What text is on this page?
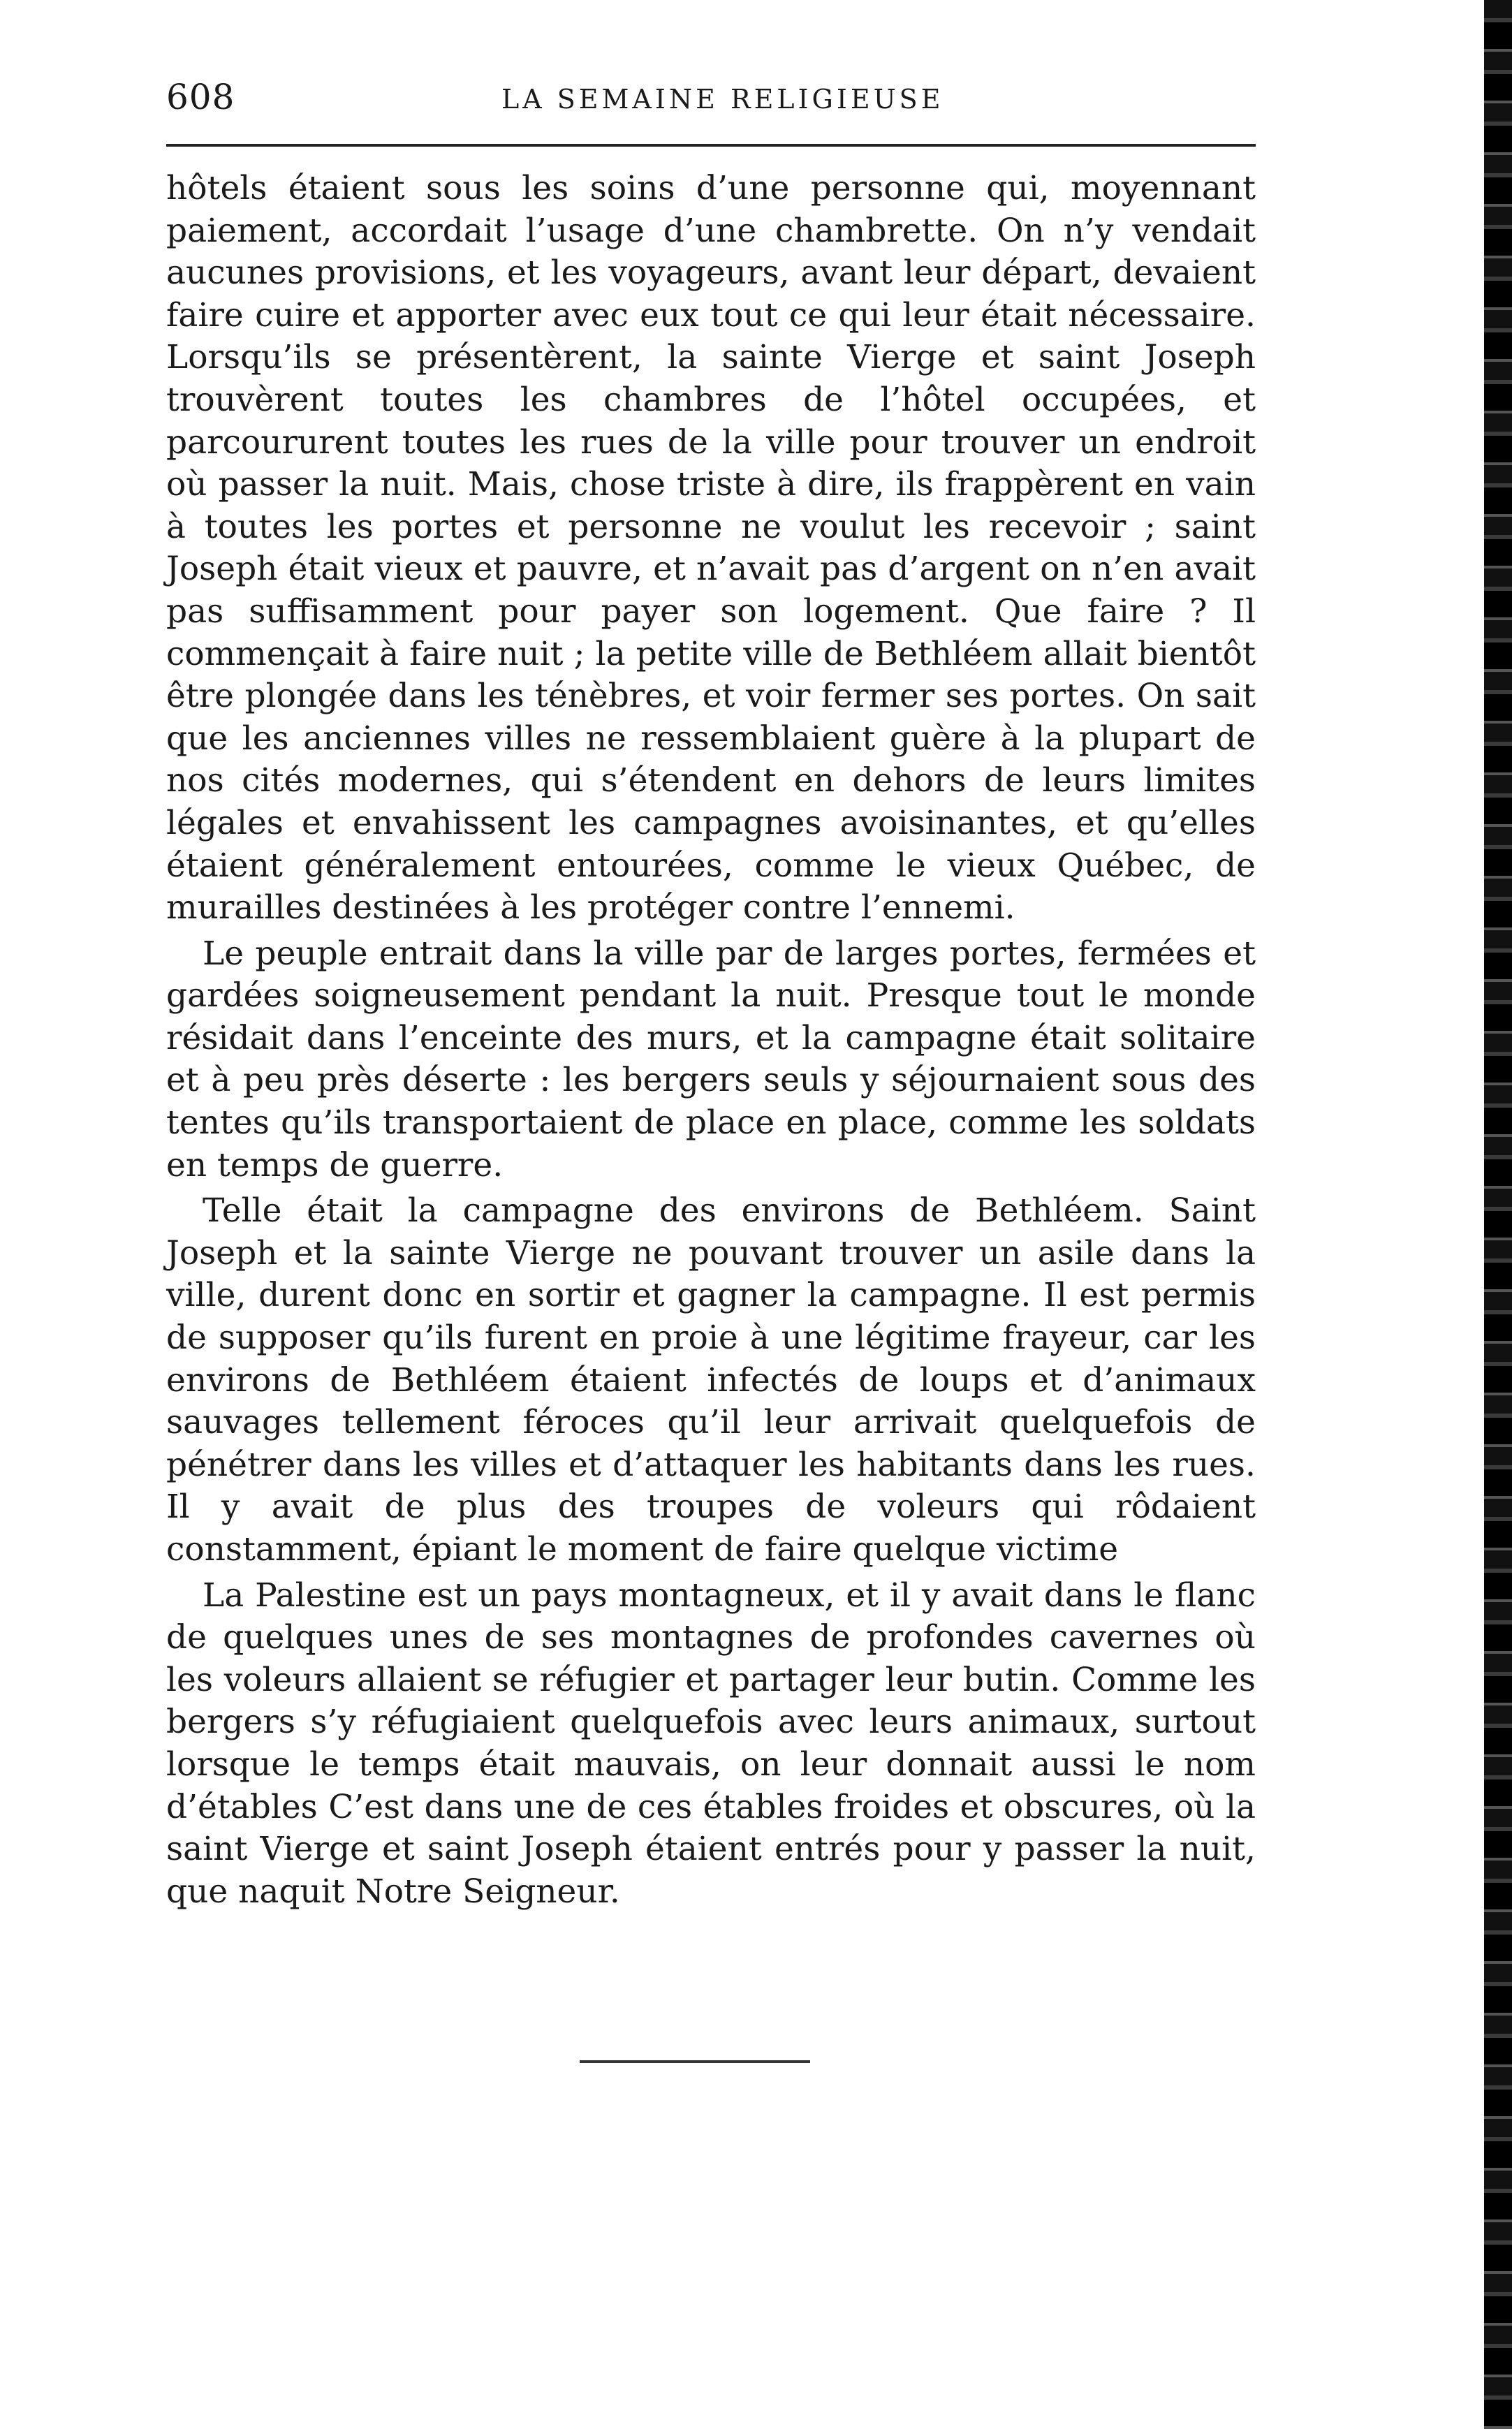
608	LA SEMAINE RELIGIEUSE

hôtels étaient sous les soins d’une personne qui, moyennant paiement, accordait l’usage d’une chambrette. On n’y vendait aucunes provisions, et les voyageurs, avant leur départ, devaient faire cuire et apporter avec eux tout ce qui leur était nécessaire. Lorsqu’ils se présentèrent, la sainte Vierge et saint Joseph trouvèrent toutes les chambres de l’hôtel occupées, et parcoururent toutes les rues de la ville pour trouver un endroit où passer la nuit. Mais, chose triste à dire, ils frappèrent en vain à toutes les portes et personne ne voulut les recevoir ; saint Joseph était vieux et pauvre, et n’avait pas d’argent on n’en avait pas suffisamment pour payer son logement. Que faire ? Il commençait à faire nuit ; la petite ville de Bethléem allait bientôt être plongée dans les ténèbres, et voir fermer ses portes. On sait que les anciennes villes ne ressemblaient guère à la plupart de nos cités modernes, qui s’étendent en dehors de leurs limites légales et envahissent les campagnes avoisinantes, et qu’elles étaient généralement entourées, comme le vieux Québec, de murailles destinées à les protéger contre l’ennemi.

Le peuple entrait dans la ville par de larges portes, fermées et gardées soigneusement pendant la nuit. Presque tout le monde résidait dans l’enceinte des murs, et la campagne était solitaire et à peu près déserte : les bergers seuls y séjournaient sous des tentes qu’ils transportaient de place en place, comme les soldats en temps de guerre.

Telle était la campagne des environs de Bethléem. Saint Joseph et la sainte Vierge ne pouvant trouver un asile dans la ville, durent donc en sortir et gagner la campagne. Il est permis de supposer qu’ils furent en proie à une légitime frayeur, car les environs de Bethléem étaient infectés de loups et d’animaux sauvages tellement féroces qu’il leur arrivait quelquefois de pénétrer dans les villes et d’attaquer les habitants dans les rues. Il y avait de plus des troupes de voleurs qui rôdaient constamment, épiant le moment de faire quelque victime

La Palestine est un pays montagneux, et il y avait dans le flanc de quelques unes de ses montagnes de profondes cavernes où les voleurs allaient se réfugier et partager leur butin. Comme les bergers s’y réfugiaient quelquefois avec leurs animaux, surtout lorsque le temps était mauvais, on leur donnait aussi le nom d’étables C’est dans une de ces étables froides et obscures, où la saint Vierge et saint Joseph étaient entrés pour y passer la nuit, que naquit Notre Seigneur.
